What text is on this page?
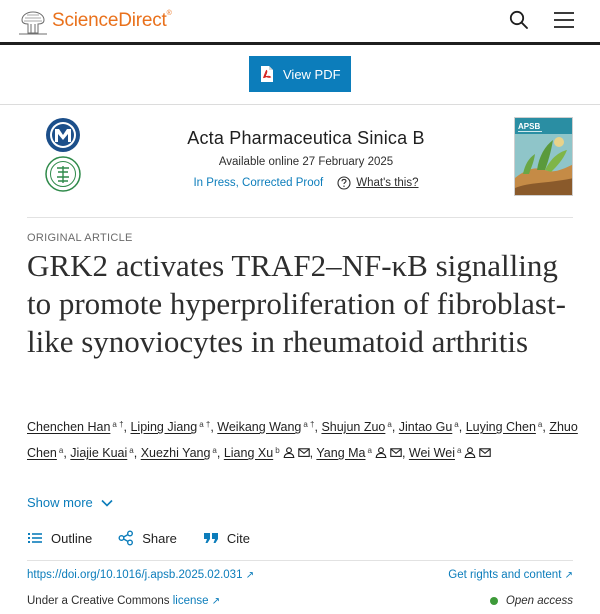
ScienceDirect®
View PDF
Acta Pharmaceutica Sinica B
Available online 27 February 2025
In Press, Corrected Proof	What's this?
APSB
ORIGINAL ARTICLE
GRK2 activates TRAF2–NF-κB signalling to promote hyperproliferation of fibroblast-like synoviocytes in rheumatoid arthritis
Chenchen Han $^{a \dagger}$, Liping Jiang $^{a \dagger}$, Weikang Wang $^{a \dagger}$, Shujun Zuo $^a$, Jintao Gu $^a$, Luying Chen $^a$, Zhuo Chen $^a$, Jiajie Kuai $^a$, Xuezhi Yang $^a$, Liang Xu $^b$ , Yang Ma $^a$ , Wei Wei $^a$
Show more
Outline	Share	Cite
https://doi.org/10.1016/j.apsb.2025.02.031 ↗	Get rights and content ↗
Under a Creative Commons license ↗	Open access
